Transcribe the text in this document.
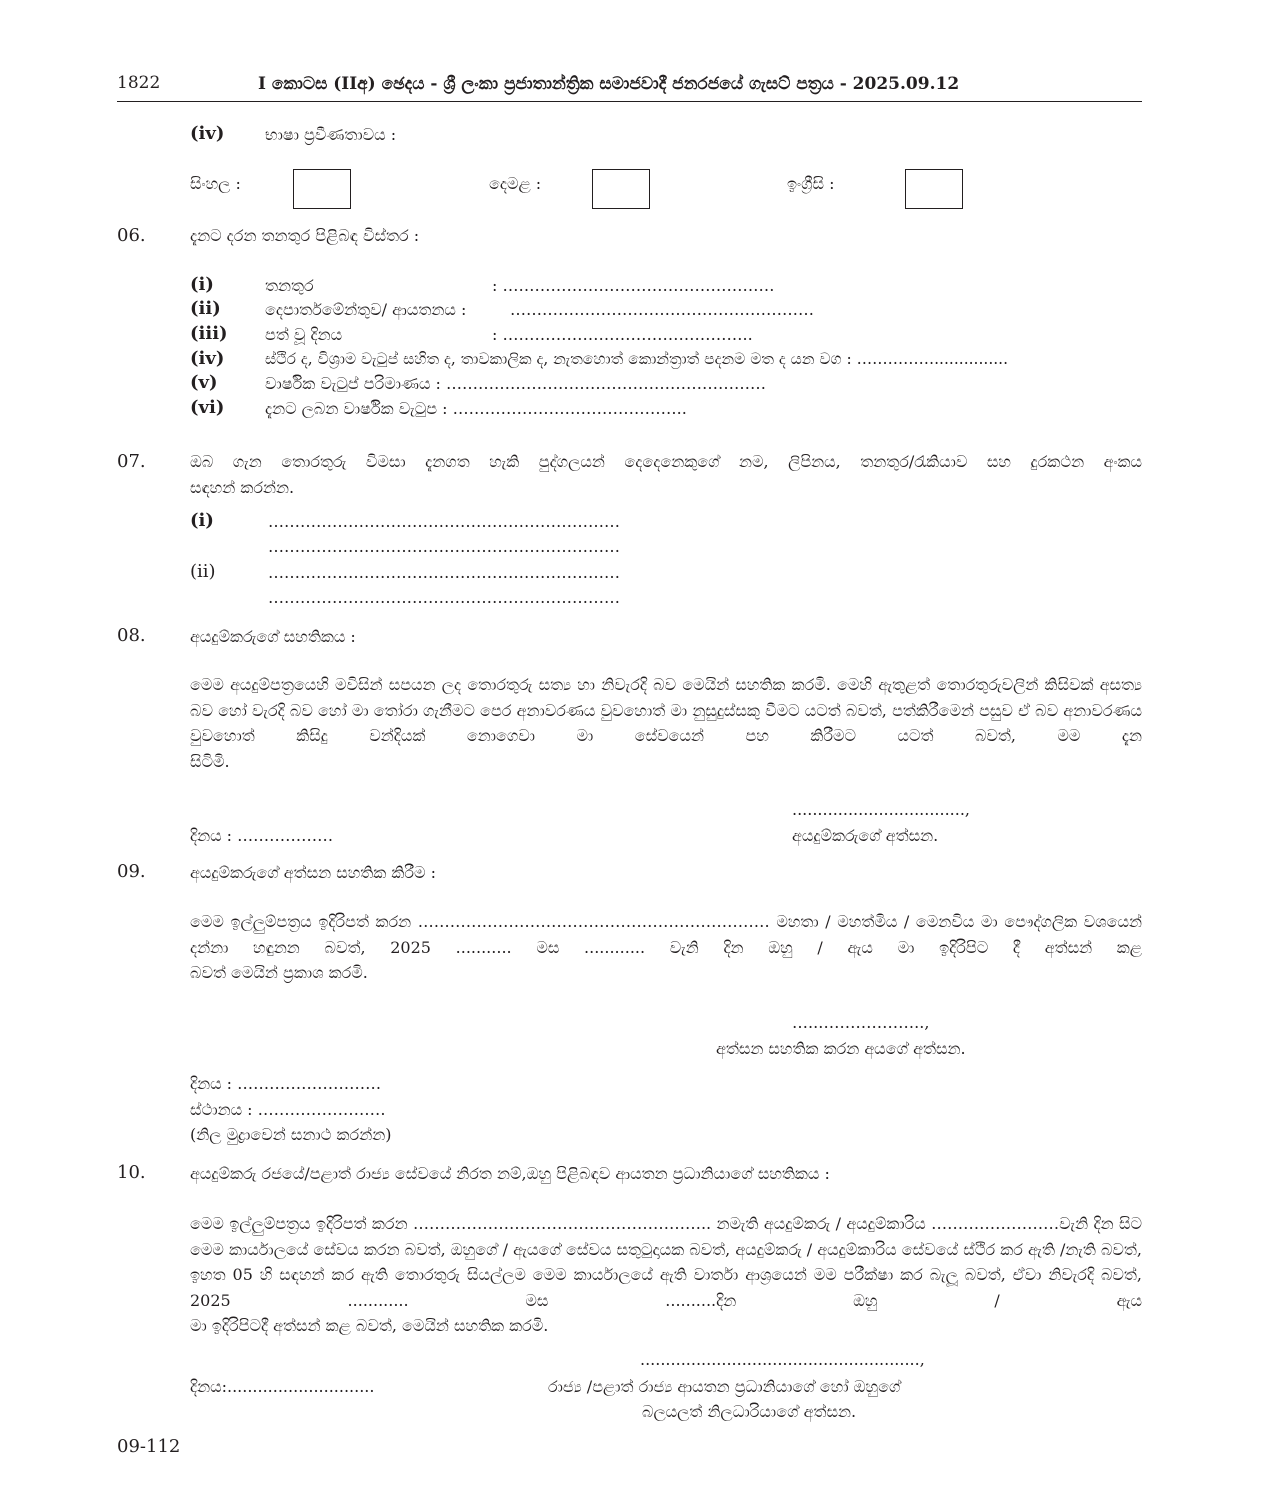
1822	I කොටස (IIඅ) ඡෙදය - ශ්‍රී ලංකා ප්‍රජාතාන්ත්‍රික සමාජවාදී ජනරජයේ ගැසට් පත්‍රය - 2025.09.12
(iv)	භාෂා ප්‍රවීණතාවය :
සිංහල :	දෙමළ :	ඉංග්‍රීසි :
06.	දැනට දරන තනතුර පිළිබඳ විස්තර :
(i)	තනතුර	: ……………………………………………
(ii)	දෙපාර්තමේන්තුව/ ආයතනය :	…………………………………………………
(iii) පත් වූ දිනය	: ………………………………………..
(iv)	ස්ථිර ද, විශ්‍රාම වැටුප් සහිත ද, තාවකාලික ද, නැතහොත් කොන්ත්‍රාත් පදනම මත ද යන වග : ……………...............
(v)	වාර්ෂික වැටුප් පරිමාණය : ……………………………………………………
(vi)	දැනට ලබන වාර්ෂික වැටුප : ……………………………………..
07.	ඔබ ගැන තොරතුරු විමසා දැනගත හැකි පුද්ගලයන් දෙදෙනෙකුගේ නම, ලිපිනය, තනතුර/රැකියාව සහ දුරකථන අංකය
සඳහන් කරන්න.
(i)	…………………………………………………………
…………………………………………………………
(ii)	…………………………………………………………
…………………………………………………………
08.	අයදුම්කරුගේ සහතිකය :
මෙම අයදුම්පත්‍රයෙහි මවිසින් සපයන ලද තොරතුරු සත්‍ය හා නිවැරදි බව මෙයින් සහතික කරමි. මෙහි ඇතුළත් තොරතුරුවලින් කිසිවක් අසත්‍ය බව හෝ වැරදි බව හෝ මා තෝරා ගැනීමට පෙර අනාවරණය වුවහොත් මා නුසුදුස්සකු වීමට යටත් බවත්, පත්කිරීමෙන් පසුව ඒ බව අනාවරණය වුවහොත් කිසිදු වන්දියක් නොගෙවා මා සේවයෙන් පහ කිරීමට යටත් බවත්, මම දැන
සිටිමි.
..................................,
දිනය : ………………	අයදුම්කරුගේ අත්සන.
09.	අයදුම්කරුගේ අත්සන සහතික කිරීම :
මෙම ඉල්ලුම්පත්‍රය ඉදිරිපත් කරන ………………………………………………………… මහතා / මහත්මිය / මෙනවිය මා පෞද්ගලික වශයෙන් දන්නා හඳුනන බවත්, 2025 ........... මස ............ වැනි දින ඔහු / ඇය මා ඉදිරිපිට දී අත්සන් කළ
බවත් මෙයින් ප්‍රකාශ කරමි.
…..………………..,
අත්සන සහතික කරන අයගේ අත්සන.
දිනය : ………………………
ස්ථානය : ……………………
(නිල මුද්‍රාවෙන් සනාථ කරන්න)
10.	අයදුම්කරු රජයේ/පළාත් රාජ්‍ය සේවයේ නිරත නම්,ඔහු පිළිබඳව ආයතන ප්‍රධානියාගේ සහතිකය :
මෙම ඉල්ලුම්පත්‍රය ඉදිරිපත් කරන ……………………………………………….. නමැති අයදුම්කරු / අයදුම්කාරිය ……………………වැනි දින සිට මෙම කාර්යාලයේ සේවය කරන බවත්, ඔහුගේ / ඇයගේ සේවය සතුටුදායක බවත්, අයදුම්කරු / අයදුම්කාරිය සේවයේ ස්ථිර කර ඇති /නැති බවත්, ඉහත 05 හි සඳහන් කර ඇති තොරතුරු සියල්ලම මෙම කාර්යාලයේ ඇති වාර්තා ආශ්‍රයෙන් මම පරීක්ෂා කර බැලූ බවත්, ඒවා නිවැරදි බවත්, 2025 ............ මස ..........දින ඔහු / ඇය
මා ඉදිරිපිටදී අත්සන් කළ බවත්, මෙයින් සහතික කරමි.
.......................................................,
දිනය:.............................	රාජ්‍ය /පළාත් රාජ්‍ය ආයතන ප්‍රධානියාගේ හෝ ඔහුගේ
බලයලත් නිලධාරියාගේ අත්සන.
09-112
